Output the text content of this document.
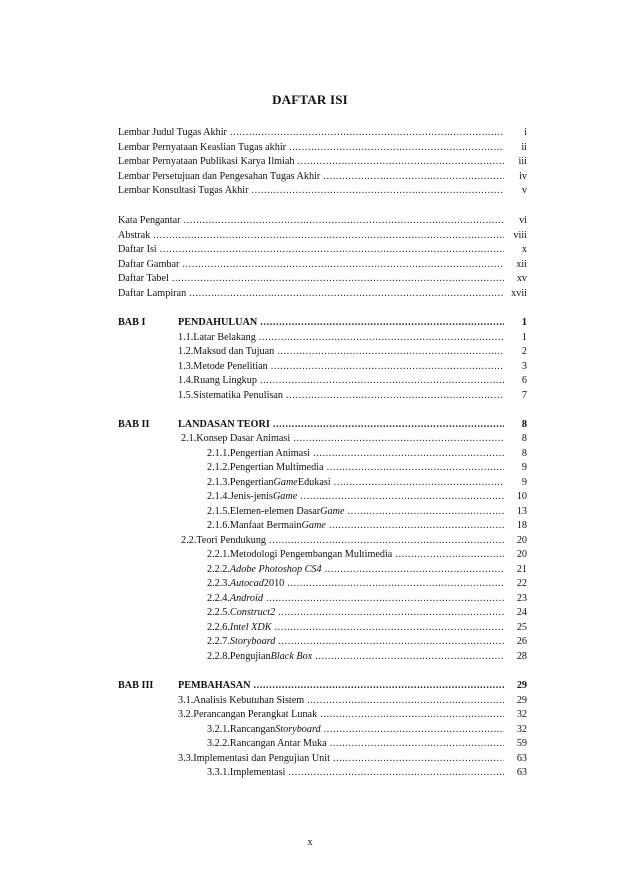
DAFTAR ISI
Lembar Judul Tugas Akhir .....	i
Lembar Pernyataan Keaslian Tugas akhir .....	ii
Lembar Pernyataan Publikasi Karya Ilmiah .....	iii
Lembar Persetujuan dan Pengesahan Tugas Akhir .....	iv
Lembar Konsultasi Tugas Akhir .....	v
Kata Pengantar .....	vi
Abstrak .....	viii
Daftar Isi .....	x
Daftar Gambar .....	xii
Daftar Tabel .....	xv
Daftar Lampiran .....	xvii
BAB I	PENDAHULUAN .....	1
1.1. Latar Belakang .....	1
1.2. Maksud dan Tujuan .....	2
1.3. Metode Penelitian .....	3
1.4. Ruang Lingkup .....	6
1.5. Sistematika Penulisan .....	7
BAB II	LANDASAN TEORI .....	8
2.1. Konsep Dasar Animasi .....	8
2.1.1. Pengertian Animasi .....	8
2.1.2. Pengertian Multimedia .....	9
2.1.3. Pengertian Game Edukasi .....	9
2.1.4. Jenis-jenis Game .....	10
2.1.5. Elemen-elemen Dasar Game .....	13
2.1.6. Manfaat Bermain Game .....	18
2.2. Teori Pendukung .....	20
2.2.1. Metodologi Pengembangan Multimedia .....	20
2.2.2. Adobe Photoshop CS4 .....	21
2.2.3. Autocad 2010 .....	22
2.2.4. Android .....	23
2.2.5. Construct2 .....	24
2.2.6. Intel XDK .....	25
2.2.7. Storyboard .....	26
2.2.8. Pengujian Black Box .....	28
BAB III	PEMBAHASAN .....	29
3.1. Analisis Kebutuhan Sistem .....	29
3.2. Perancangan Perangkat Lunak .....	32
3.2.1. Rancangan Storyboard .....	32
3.2.2. Rancangan Antar Muka .....	59
3.3. Implementasi dan Pengujian Unit .....	63
3.3.1. Implementasi .....	63
x
